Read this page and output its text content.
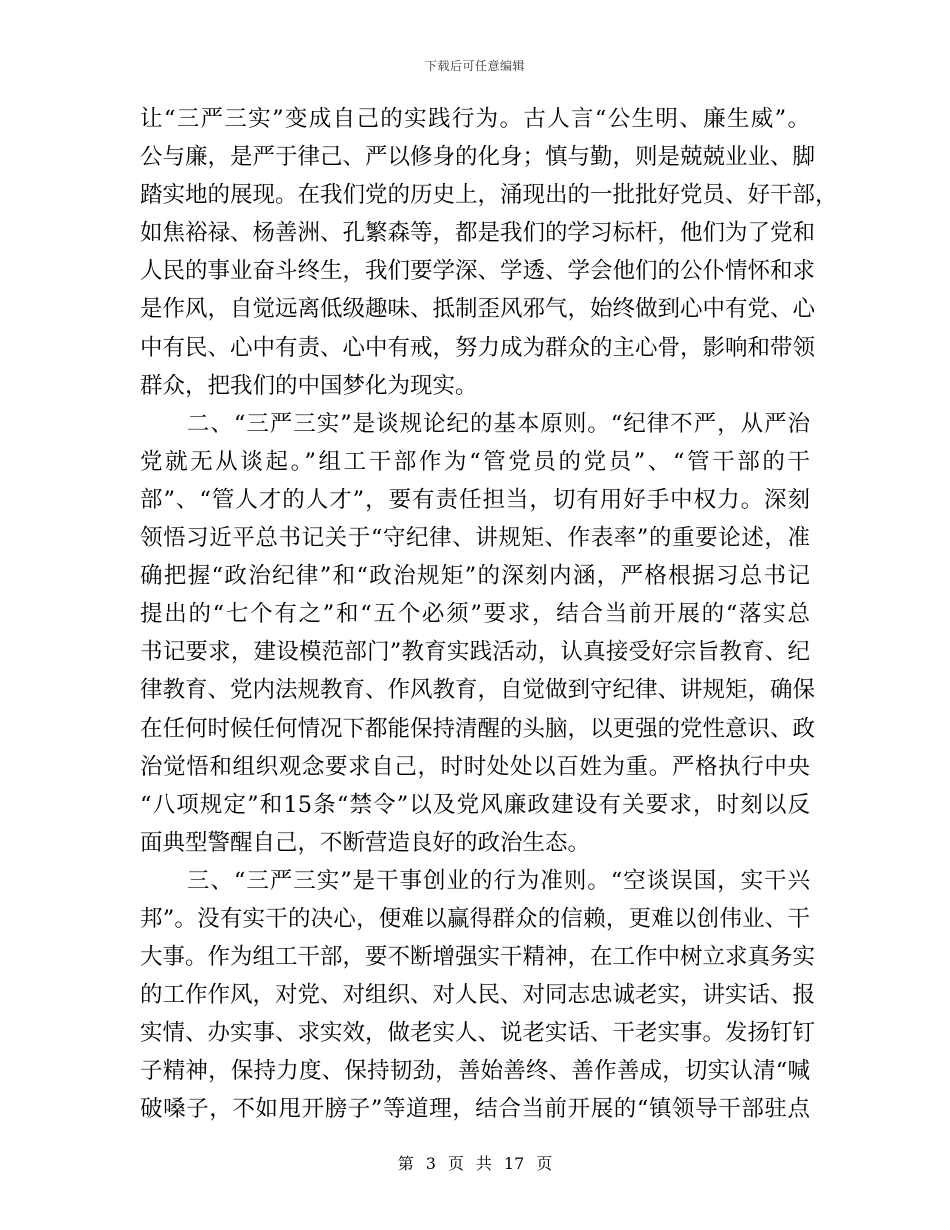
下载后可任意编辑
让“三严三实”变成自己的实践行为。古人言“公生明、廉生威”。
公与廉，是严于律己、严以修身的化身；慎与勤，则是兢兢业业、脚
踏实地的展现。在我们党的历史上，涌现出的一批批好党员、好干部，
如焦裕禄、杨善洲、孔繁森等，都是我们的学习标杆，他们为了党和
人民的事业奋斗终生，我们要学深、学透、学会他们的公仆情怀和求
是作风，自觉远离低级趣味、抵制歪风邪气，始终做到心中有党、心
中有民、心中有责、心中有戒，努力成为群众的主心骨，影响和带领
群众，把我们的中国梦化为现实。
　　二、“三严三实”是谈规论纪的基本原则。“纪律不严，从严治
党就无从谈起。”组工干部作为“管党员的党员”、“管干部的干
部”、“管人才的人才”，要有责任担当，切有用好手中权力。深刻
领悟习近平总书记关于“守纪律、讲规矩、作表率”的重要论述，准
确把握“政治纪律”和“政治规矩”的深刻内涵，严格根据习总书记
提出的“七个有之”和“五个必须”要求，结合当前开展的“落实总
书记要求，建设模范部门”教育实践活动，认真接受好宗旨教育、纪
律教育、党内法规教育、作风教育，自觉做到守纪律、讲规矩，确保
在任何时候任何情况下都能保持清醒的头脑，以更强的党性意识、政
治觉悟和组织观念要求自己，时时处处以百姓为重。严格执行中央
“八项规定”和15条“禁令”以及党风廉政建设有关要求，时刻以反
面典型警醒自己，不断营造良好的政治生态。
　　三、“三严三实”是干事创业的行为准则。“空谈误国，实干兴
邦”。没有实干的决心，便难以赢得群众的信赖，更难以创伟业、干
大事。作为组工干部，要不断增强实干精神，在工作中树立求真务实
的工作作风，对党、对组织、对人民、对同志忠诚老实，讲实话、报
实情、办实事、求实效，做老实人、说老实话、干老实事。发扬钉钉
子精神，保持力度、保持韧劲，善始善终、善作善成，切实认清“喊
破嗓子，不如甩开膀子”等道理，结合当前开展的“镇领导干部驻点
第 3 页 共 17 页
